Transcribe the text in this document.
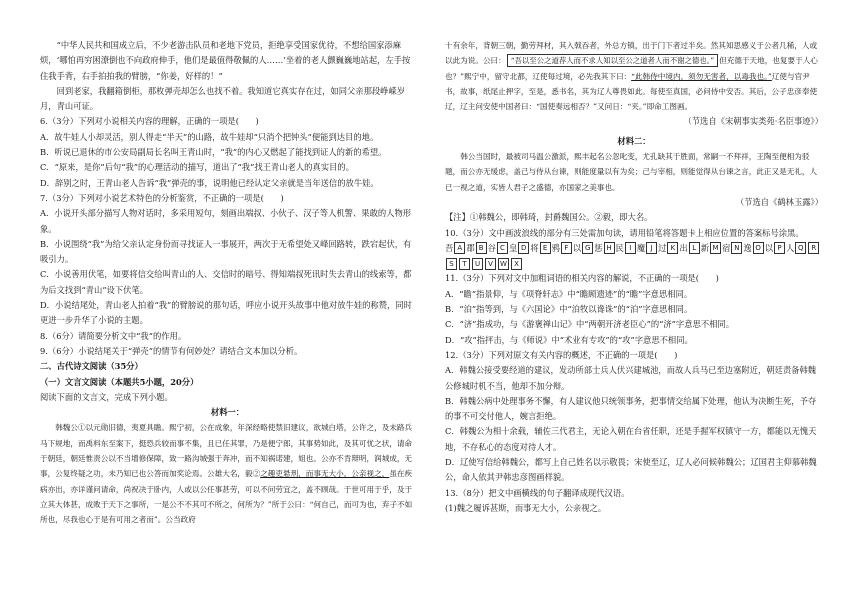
“中华人民共和国成立后，不少老游击队员和老地下党员，拒绝享受国家优待，不想给国家添麻烦，‘哪怕再穷困潦倒也不向政府伸手，他们是最值得敬佩的人……’坐着的老人颤巍巍地站起，左手按住我手背，右手拍拍我的臂膀，“你姜，好样的！”

回到老家，我翻箱倒柜，那枚弹壳却怎么也找不着。我知道它真实存在过，如同父亲那段峥嵘岁月，青山可证。

6.（3分）下列对小说相关内容的理解，正确的一项是(　　)

A．故牛娃人小却灵活，别人得走“半天”的山路，故牛娃却“只消个把钟头”便能到达目的地。

B．听说已退休的市公安局副局长名叫王青山时，“我”的内心又燃起了能找到证人的新的希望。

C．“原来，是你”后句“我”的心理活动的描写，道出了“我”找王青山老人的真实目的。

D．辞别之时，王青山老人告诉“我”弹壳的事，说明他已经认定父亲就是当年送信的放牛娃。

7.（3分）下列对小说艺术特色的分析鉴赏，不正确的一项是(　　)

A．小说开头部分描写人物对话时，多采用短句，刻画出端叔、小伙子、汉子等人机警、果敢的人物形象。

B．小说围绕“我”为给父亲认定身份而寻找证人一事展开，两次于无希望处又峰回路转，跌宕起伏，有吸引力。

C．小说善用伏笔，如要将信交给叫青山的人、交信时的暗号、得知端叔死讯时失去青山的线索等，都为后文找到“青山”设下伏笔。

D．小说结尾处，青山老人拍着“我”的臂膀说的那句话，呼应小说开头故事中他对放牛娃的称赞，同时更进一步升华了小说的主题。

8.（6分）请简要分析文中“我”的作用。

9.（6分）小说结尾关于“弹壳”的情节有何妙处？请结合文本加以分析。

二、古代诗文阅读（35分）

（一）文言文阅读（本题共5小题，20分）

阅读下面的文言文，完成下列小题。

材料一：

韩魏公①以元勋旧德，夷夏具瞻。熙宁初，公在成象，年深经略使禁旧建议，欲城白塔，公许之，及未路兵马下规地，而禹料东至案下，挺恐兵较而事不集，且已任其罪，乃是便宁郎，其事势如此，及其可忧之状，请命于朝廷，朝廷惟责公以不当增修保障，致一路沟城强于奔冲，而不知祸诺建，姐也。公亦不肯辩明，润城成，无事，公复终疑之功，未乃知已也公答而加奖论焉。公雄大名，毅②之趣吏悬刑，而事无大小，公亲视之，虽在疾病亦出，亦详谨问请命，尚祝决于卧内，人或以公任事甚劳，可以不问劳宜之，盖不顾哉。于世可用于乎，及于立其大体甚，成败于天下之事所，一是公不不其可不所之，何所为？”所于公曰：“何自己，而可为也，弃子不如所也，尽我也心于是有可用之者而”。公当政府

十有余年，背朝三朝，勤劳拜材，其入戟吞者，外总方镇，出于门下者过半矣。然其知思感义于公者几稀，人或以此为说。公曰： “吾以至公之道荐人而不求人知以至公之道者人而不谢之德也。” 但充德于天地，也复要于人心也？”熙宁中，留守北都，辽使每过境，必先我其下曰：“此韩侍中境内，须勿无害者，以毒我也。”辽使与官尹书，故事，纸尾止押字，至是，悉书名，其为辽人尊畏如此。每使至真国，必问侍中安否。其后，公子忠彦奉使辽，辽主问安使中国者曰：“国使奏远相否？”又问日：“夹。”即命工图画。

（节选自《宋朝事实类苑·名臣事迹》）

材料二：

韩公当国时，最被司马温公激派，熙丰起名公忽叱变，尤孔缺其于胜面，常嗣一不拜祥，王陶至便相为驳题，而公亦无缓虑，盖己与侍从台谏，则能度量以有为矣；己与宰相，则能觉得从台谏之言，此正又是无礼，人已一视之道，实皆人君子之盛德，亦国家之美事也。

（节选自《鹤林玉露》）

【注】①韩魏公，即韩琦，封爵魏国公。②毅，即大名。

10.（3分）文中画波浪线的部分有三处需加句读，请用铅笔将答题卡上相应位置的答案标号涂黑。

吾 A 郡 B 谷 C 皇 D 将 E 鸦 F 以 G 惩 H 民 I 魔 J 过 K 出 L 新 M 宿 N 逸 O 以 P 人 Q RS T U V W X

11.（3分）下列对文中加粗词语的相关内容的解说，不正确的一项是(　　)

A．“瞻”指景仰，与《项脊轩志》中“瞻顾遗迹”的“瞻”字意思相同。

B．“泊”指等到，与《六国论》中“泊牧以谗诛”的“泊”字意思相同。

C．“济”指成功，与《游褒禅山记》中“两朝开济老臣心”的“济”字意思不相同。

D．“攻”指抨击，与《师说》中“术业有专攻”的“攻”字意思不相同。

12.（3分）下列对原文有关内容的概述，不正确的一项是(　　)

A．韩魏公接受要经道的建议，发动所部士兵人伏兴建城池，而故人兵马已至边塞附近，朝廷责备韩魏公修城时机不当，他却不加分辩。

B．韩魏公病中处理事务不懈，有人建议他只统领事务，把事情交给属下处理，他认为决断生死，予夺的事不可交付他人，婉言拒绝。

C．韩魏公为相十余载，辅佐三代君主，无论入朝在台省任职，还是手握军权镇守一方，都能以无愧天地，不存私心的态度对待人才。

D．辽使写信给韩魏公，都写上自己姓名以示敬畏；宋使至辽，辽人必问候韩魏公；辽国君主仰慕韩魏公，命人依其尹韩忠彦图画样貌。

13.（8分）把文中画横线的句子翻译成现代汉语。

(1)魏之履诉甚斯，而事无大小，公亲视之。
